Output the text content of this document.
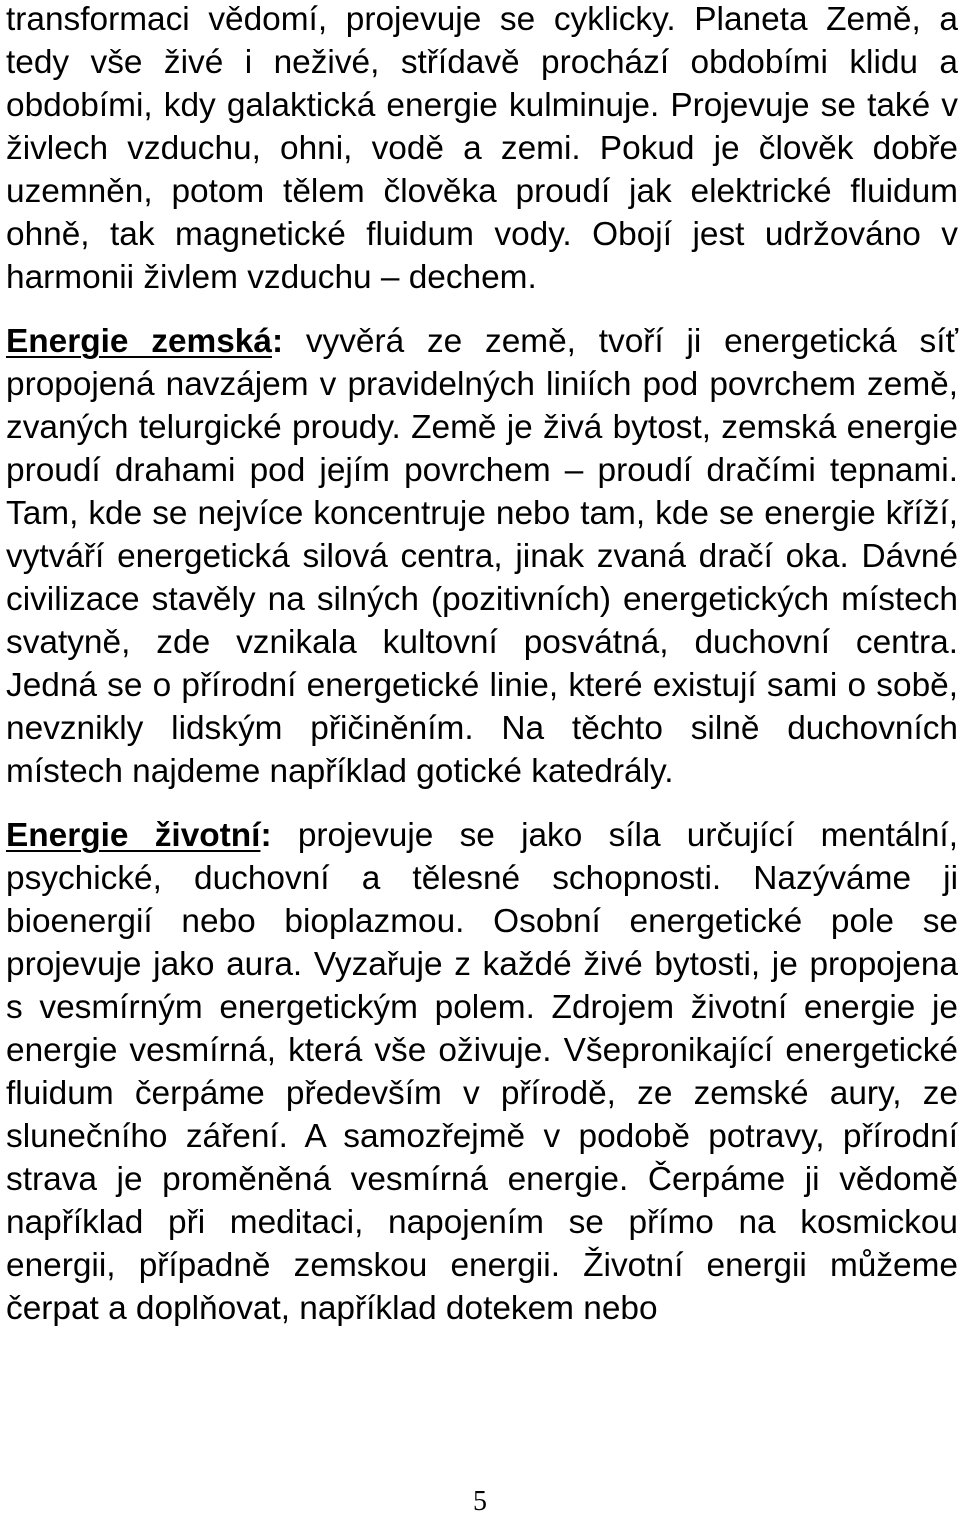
transformaci vědomí, projevuje se cyklicky. Planeta Země, a tedy vše živé i neživé, střídavě prochází obdobími klidu a obdobími, kdy galaktická energie kulminuje. Projevuje se také v živlech vzduchu, ohni, vodě a zemi. Pokud je člověk dobře uzemněn, potom tělem člověka proudí jak elektrické fluidum ohně, tak magnetické fluidum vody. Obojí jest udržováno v harmonii živlem vzduchu – dechem.

Energie zemská: vyvěrá ze země, tvoří ji energetická síť propojená navzájem v pravidelných liniích pod povrchem země, zvaných telurgické proudy. Země je živá bytost, zemská energie proudí drahami pod jejím povrchem – proudí dračími tepnami. Tam, kde se nejvíce koncentruje nebo tam, kde se energie kříží, vytváří energetická silová centra, jinak zvaná dračí oka. Dávné civilizace stavěly na silných (pozitivních) energetických místech svatyně, zde vznikala kultovní posvátná, duchovní centra. Jedná se o přírodní energetické linie, které existují sami o sobě, nevznikly lidským přičiněním. Na těchto silně duchovních místech najdeme například gotické katedrály.

Energie životní: projevuje se jako síla určující mentální, psychické, duchovní a tělesné schopnosti. Nazýváme ji bioenergií nebo bioplazmou. Osobní energetické pole se projevuje jako aura. Vyzařuje z každé živé bytosti, je propojena s vesmírným energetickým polem. Zdrojem životní energie je energie vesmírná, která vše oživuje. Všepronikající energetické fluidum čerpáme především v přírodě, ze zemské aury, ze slunečního záření. A samozřejmě v podobě potravy, přírodní strava je proměněná vesmírná energie. Čerpáme ji vědomě například při meditaci, napojením se přímo na kosmickou energii, případně zemskou energii. Životní energii můžeme čerpat a doplňovat, například dotekem nebo

5
